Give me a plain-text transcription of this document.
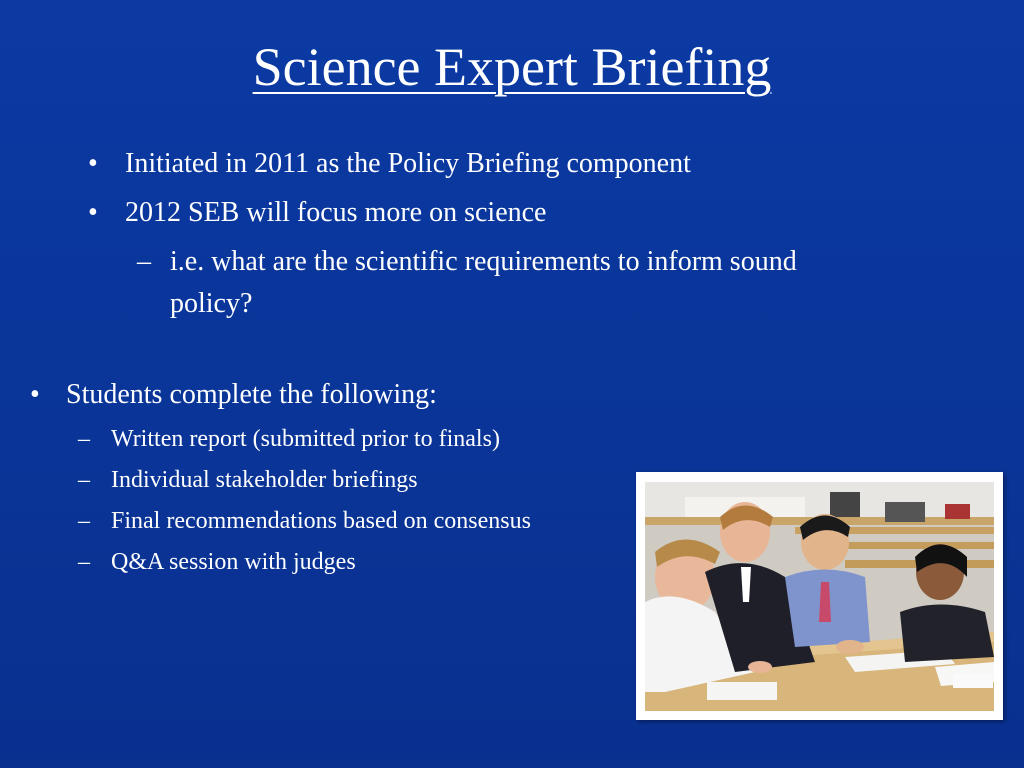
Science Expert Briefing
• Initiated in 2011 as the Policy Briefing component
• 2012 SEB will focus more on science
– i.e. what are the scientific requirements to inform sound
policy?
• Students complete the following:
– Written report (submitted prior to finals)
– Individual stakeholder briefings
– Final recommendations based on consensus
– Q&A session with judges
